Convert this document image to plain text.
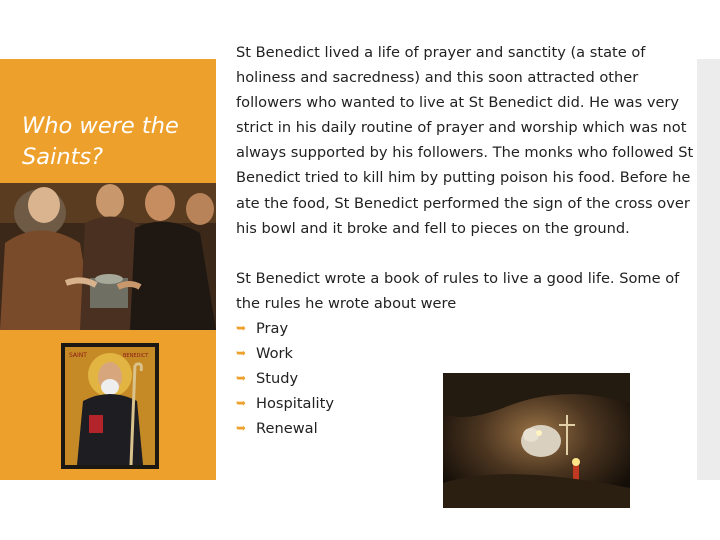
Who were the Saints?
SAINT	BENEDICT

St Benedict lived a life of prayer and sanctity (a state of holiness and sacredness) and this soon attracted other followers who wanted to live at St Benedict did. He was very strict in his daily routine of prayer and worship which was not always supported by his followers. The monks who followed St Benedict tried to kill him by putting poison his food. Before he ate the food, St Benedict performed the sign of the cross over his bowl and it broke and fell to pieces on the ground.

St Benedict wrote a book of rules to live a good life. Some of the rules he wrote about were

➥ Pray
➥ Work
➥ Study
➥ Hospitality
➥ Renewal
